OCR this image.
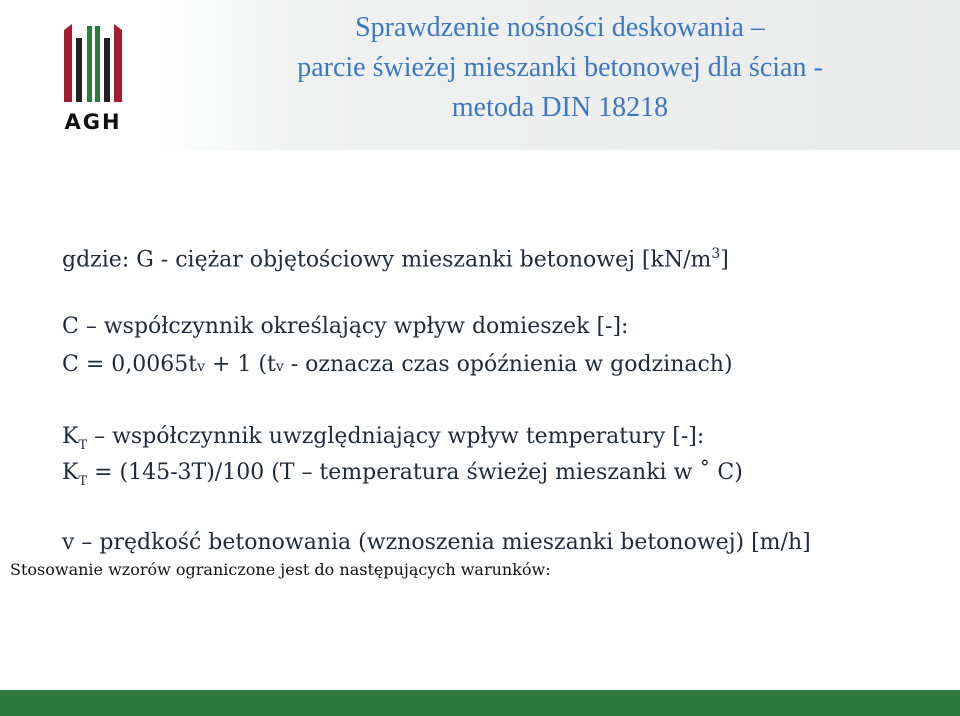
AGH
Sprawdzenie nośności deskowania –
parcie świeżej mieszanki betonowej dla ścian -
metoda DIN 18218
gdzie: G - ciężar objętościowy mieszanki betonowej $[kN/m^3]$
C – współczynnik określający wpływ domieszek [-]:
C = 0,0065tv + 1 (tv - oznacza czas opóźnienia w godzinach)
$K_T$ – współczynnik uwzględniający wpływ temperatury [-]:
$K_T = (145-3T)/100$ (T – temperatura świeżej mieszanki w ˚ C)
v – prędkość betonowania (wznoszenia mieszanki betonowej) [m/h]
Stosowanie wzorów ograniczone jest do następujących warunków:
